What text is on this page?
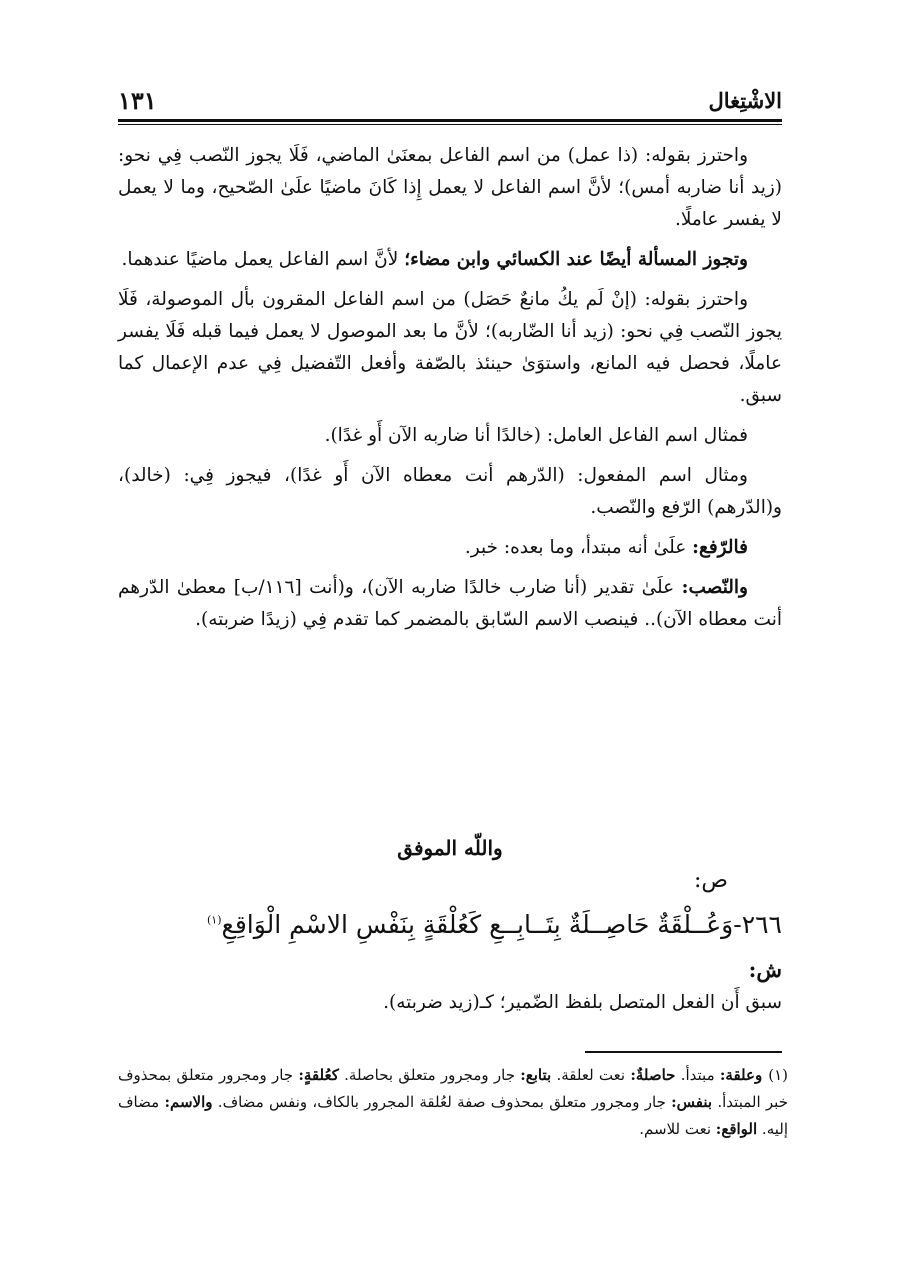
الاشْتِغال
١٣١

واحترز بقوله: (ذا عمل) من اسم الفاعل بمعنَىٰ الماضي، فَلَا يجوز النّصب فِي نحو: (زيد أنا ضاربه أمس)؛ لأنَّ اسم الفاعل لا يعمل إِذا كَانَ ماضيًا علَىٰ الصّحيح، وما لا يعمل لا يفسر عاملًا.

وتجوز المسألة أيضًا عند الكسائي وابن مضاء؛ لأنَّ اسم الفاعل يعمل ماضيًا عندهما.

واحترز بقوله: (إنْ لَم يكُ مانعٌ حَصَل) من اسم الفاعل المقرون بأل الموصولة، فَلَا يجوز النّصب فِي نحو: (زيد أنا الضّاربه)؛ لأنَّ ما بعد الموصول لا يعمل فيما قبله فَلَا يفسر عاملًا، فحصل فيه المانع، واستوَىٰ حينئذ بالصّفة وأفعل التّفضيل فِي عدم الإعمال كما سبق.

فمثال اسم الفاعل العامل: (خالدًا أنا ضاربه الآن أَو غدًا).

ومثال اسم المفعول: (الدّرهم أنت معطاه الآن أَو غدًا)، فيجوز فِي: (خالد)، و(الدّرهم) الرّفع والنّصب.

فالرّفع: علَىٰ أنه مبتدأ، وما بعده: خبر.

والنّصب: علَىٰ تقدير (أنا ضارب خالدًا ضاربه الآن)، و(أنت [١١٦/ب] معطىٰ الدّرهم أنت معطاه الآن).. فينصب الاسم السّابق بالمضمر كما تقدم فِي (زيدًا ضربته).

واللّه الموفق
ص:
٢٦٦-وَعُــلْقَةٌ حَاصِــلَةٌ بِتَــابِــعِ كَعُلْقَةٍ بِنَفْسِ الاسْمِ الْوَاقِعِ$^{(١)}$
ش:
سبق أَن الفعل المتصل بلفظ الضّمير؛ كـ(زيد ضربته).
(١)وعلقة: مبتدأ. حاصلةٌ: نعت لعلقة. بتابع: جار ومجرور متعلق بحاصلة. كعُلقةٍ: جار ومجرور متعلق بمحذوف خبر المبتدأ. بنفس: جار ومجرور متعلق بمحذوف صفة لعُلقة المجرور بالكاف، ونفس مضاف. والاسم: مضاف إليه. الواقع: نعت للاسم.
